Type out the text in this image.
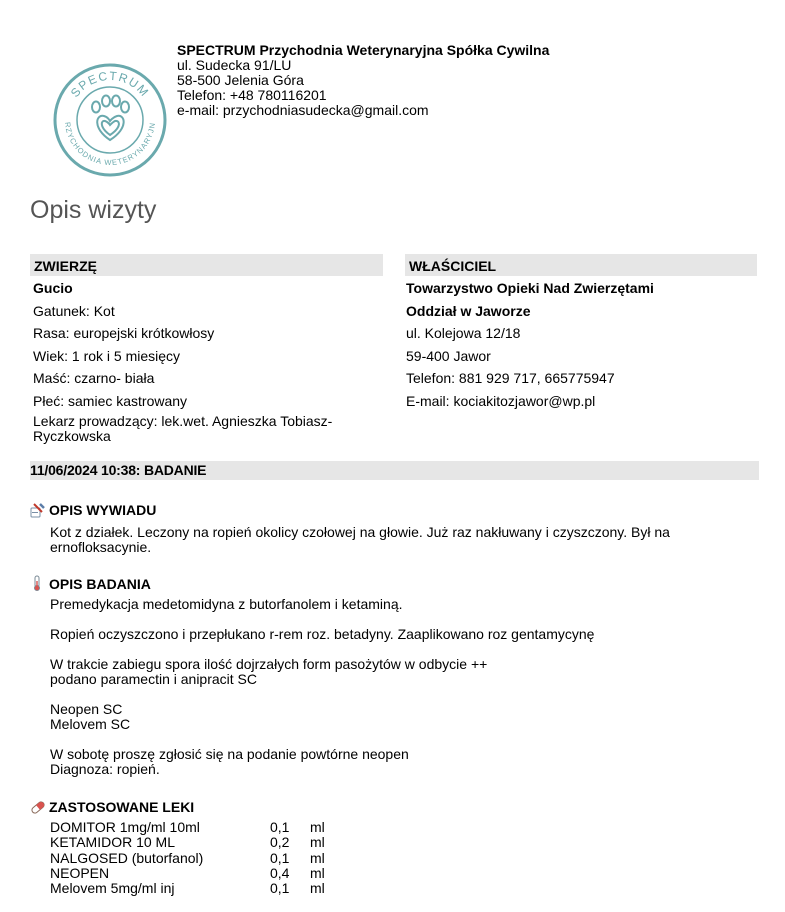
SPECTRUM
RZYCHODNIA WETERYNARYJN
SPECTRUM Przychodnia Weterynaryjna Spółka Cywilna
ul. Sudecka 91/LU
58-500 Jelenia Góra
Telefon: +48 780116201
e-mail: przychodniasudecka@gmail.com
Opis wizyty
ZWIERZĘ
Gucio
Gatunek: Kot
Rasa: europejski krótkowłosy
Wiek: 1 rok i 5 miesięcy
Maść: czarno- biała
Płeć: samiec kastrowany
Lekarz prowadzący: lek.wet. Agnieszka Tobiasz-
Ryczkowska
WŁAŚCICIEL
Towarzystwo Opieki Nad Zwierzętami
Oddział w Jaworze
ul. Kolejowa 12/18
59-400 Jawor
Telefon: 881 929 717, 665775947
E-mail: kociakitozjawor@wp.pl
11/06/2024 10:38: BADANIE
OPIS WYWIADU
Kot z działek. Leczony na ropień okolicy czołowej na głowie. Już raz nakłuwany i czyszczony. Był na
ernofloksacynie.
OPIS BADANIA
Premedykacja medetomidyna z butorfanolem i ketaminą.
Ropień oczyszczono i przepłukano r-rem roz. betadyny. Zaaplikowano roz gentamycynę
W trakcie zabiegu spora ilość dojrzałych form pasożytów w odbycie ++
podano paramectin i anipracit SC
Neopen SC
Melovem SC
W sobotę proszę zgłosić się na podanie powtórne neopen
Diagnoza: ropień.
ZASTOSOWANE LEKI
DOMITOR 1mg/ml 10ml	0,1	ml
KETAMIDOR 10 ML	0,2	ml
NALGOSED (butorfanol)	0,1	ml
NEOPEN	0,4	ml
Melovem 5mg/ml inj	0,1	ml
